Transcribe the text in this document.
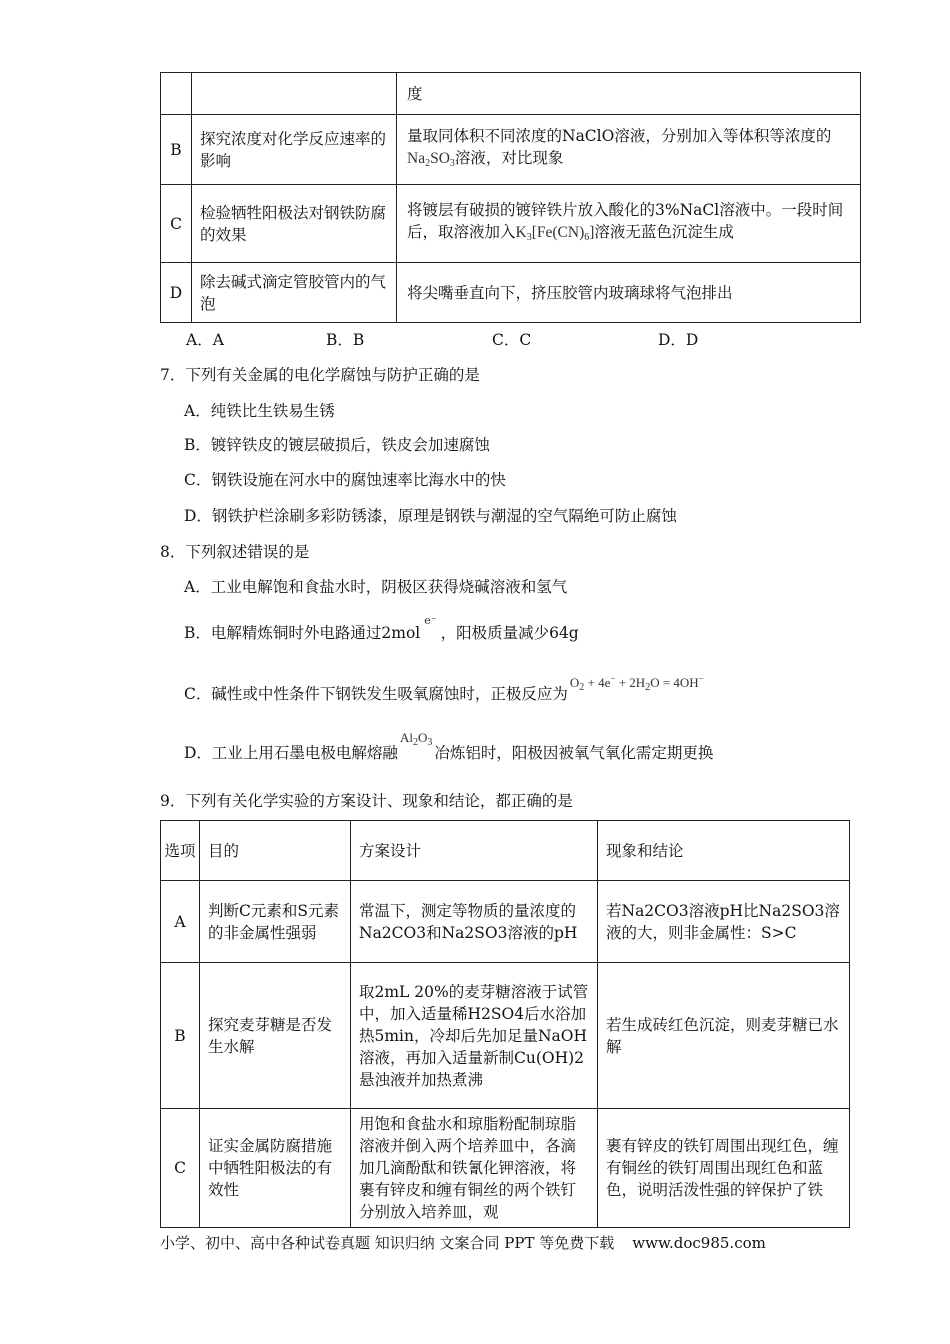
		度
B	探究浓度对化学反应速率的影响	量取同体积不同浓度的NaClO溶液，分别加入等体积等浓度的Na2SO3溶液，对比现象
C	检验牺牲阳极法对钢铁防腐的效果	将镀层有破损的镀锌铁片放入酸化的3%NaCl溶液中。一段时间后，取溶液加入K3[Fe(CN)6]溶液无蓝色沉淀生成
D	除去碱式滴定管胶管内的气泡	将尖嘴垂直向下，挤压胶管内玻璃球将气泡排出
A．A	B．B	C．C	D．D
7．下列有关金属的电化学腐蚀与防护正确的是
A．纯铁比生铁易生锈
B．镀锌铁皮的镀层破损后，铁皮会加速腐蚀
C．钢铁设施在河水中的腐蚀速率比海水中的快
D．钢铁护栏涂刷多彩防锈漆，原理是钢铁与潮湿的空气隔绝可防止腐蚀
8．下列叙述错误的是
A．工业电解饱和食盐水时，阴极区获得烧碱溶液和氢气
B．电解精炼铜时外电路通过2mol$^{e^-}$，阳极质量减少64g
C．碱性或中性条件下钢铁发生吸氧腐蚀时，正极反应为$^{O_2 + 4e^- + 2H_2O = 4OH^-}$
D．工业上用石墨电极电解熔融$^{Al_2O_3}$冶炼铝时，阳极因被氧气氧化需定期更换
9．下列有关化学实验的方案设计、现象和结论，都正确的是
选项	目的	方案设计	现象和结论
A	判断C元素和S元素的非金属性强弱	常温下，测定等物质的量浓度的Na2CO3和Na2SO3溶液的pH	若Na2CO3溶液pH比Na2SO3溶液的大，则非金属性：S>C
B	探究麦芽糖是否发生水解	取2mL 20%的麦芽糖溶液于试管中，加入适量稀H2SO4后水浴加热5min，冷却后先加足量NaOH溶液，再加入适量新制Cu(OH)2悬浊液并加热煮沸	若生成砖红色沉淀，则麦芽糖已水解
C	证实金属防腐措施中牺牲阳极法的有效性	用饱和食盐水和琼脂粉配制琼脂溶液并倒入两个培养皿中，各滴加几滴酚酞和铁氰化钾溶液，将裹有锌皮和缠有铜丝的两个铁钉分别放入培养皿，观	裹有锌皮的铁钉周围出现红色，缠有铜丝的铁钉周围出现红色和蓝色，说明活泼性强的锌保护了铁
小学、初中、高中各种试卷真题 知识归纳 文案合同 PPT 等免费下载 www.doc985.com
